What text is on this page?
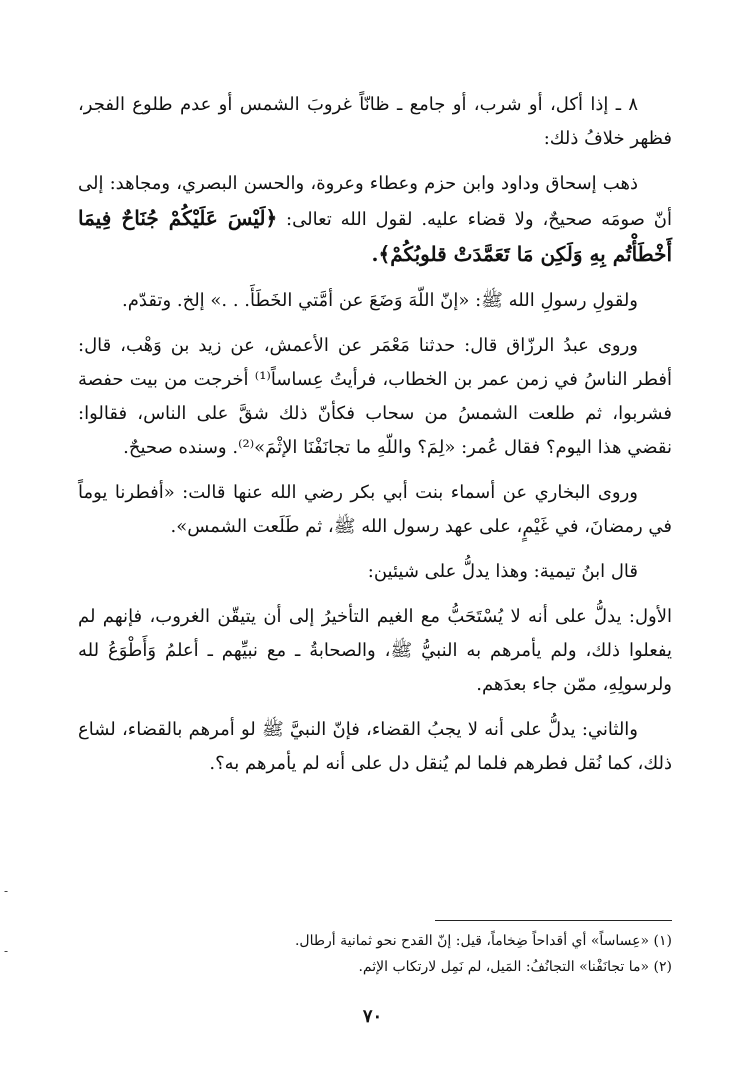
٨ ـ إذا أكل، أو شرب، أو جامع ـ ظانّاً غروبَ الشمس أو عدم طلوع الفجر، فظهر خلافُ ذلك:

ذهب إسحاق وداود وابن حزم وعطاء وعروة، والحسن البصري، ومجاهد: إلى أنّ صومَه صحيحٌ، ولا قضاء عليه. لقول الله تعالى: ﴿لَيْسَ عَلَيْكُمْ جُنَاحٌ فِيمَا أَخْطَأْتُم بِهِ وَلَكِن مَا تَعَمَّدَتْ قلوبُكُمْ﴾.

ولقولِ رسولِ الله ﷺ: «إنّ اللّهَ وَضَعَ عن أمَّتي الخَطَأَ. . .» إلخ. وتقدّم.

وروى عبدُ الرزّاق قال: حدثنا مَعْمَر عن الأعمش، عن زيد بن وَهْب، قال: أفطر الناسُ في زمن عمر بن الخطاب، فرأيتُ عِساساً⁽¹⁾ أخرجت من بيت حفصة فشربوا، ثم طلعت الشمسُ من سحاب فكأنّ ذلك شقَّ على الناس، فقالوا: نقضي هذا اليوم؟ فقال عُمر: «لِمَ؟ واللّهِ ما تجانَفْنَا الإثْمَ»⁽²⁾. وسنده صحيحٌ.

وروى البخاري عن أسماء بنت أبي بكر رضي الله عنها قالت: «أفطرنا يوماً في رمضانَ، في غَيْمٍ، على عهد رسول الله ﷺ، ثم طَلَعت الشمس».

قال ابنُ تيمية: وهذا يدلُّ على شيئين:

الأول: يدلُّ على أنه لا يُسْتَحَبُّ مع الغيم التأخيرُ إلى أن يتيقّن الغروب، فإنهم لم يفعلوا ذلك، ولم يأمرهم به النبيُّ ﷺ، والصحابةُ ـ مع نبيِّهم ـ أعلمُ وَأَطْوَعُ لله ولرسولِهِ، ممّن جاء بعدَهم.

والثاني: يدلُّ على أنه لا يجبُ القضاء، فإنّ النبيَّ ﷺ لو أمرهم بالقضاء، لشاع ذلك، كما نُقل فطرهم فلما لم يُنقل دل على أنه لم يأمرهم به؟.

(١) «عِساساً» أي أقداحاً ضِخاماً، قيل: إنّ القدح نحو ثمانية أرطال.

(٢) «ما تجانَفْنا» التجانُفُ: المَيل، لم نَمِل لارتكاب الإثم.

٧٠
-
-
